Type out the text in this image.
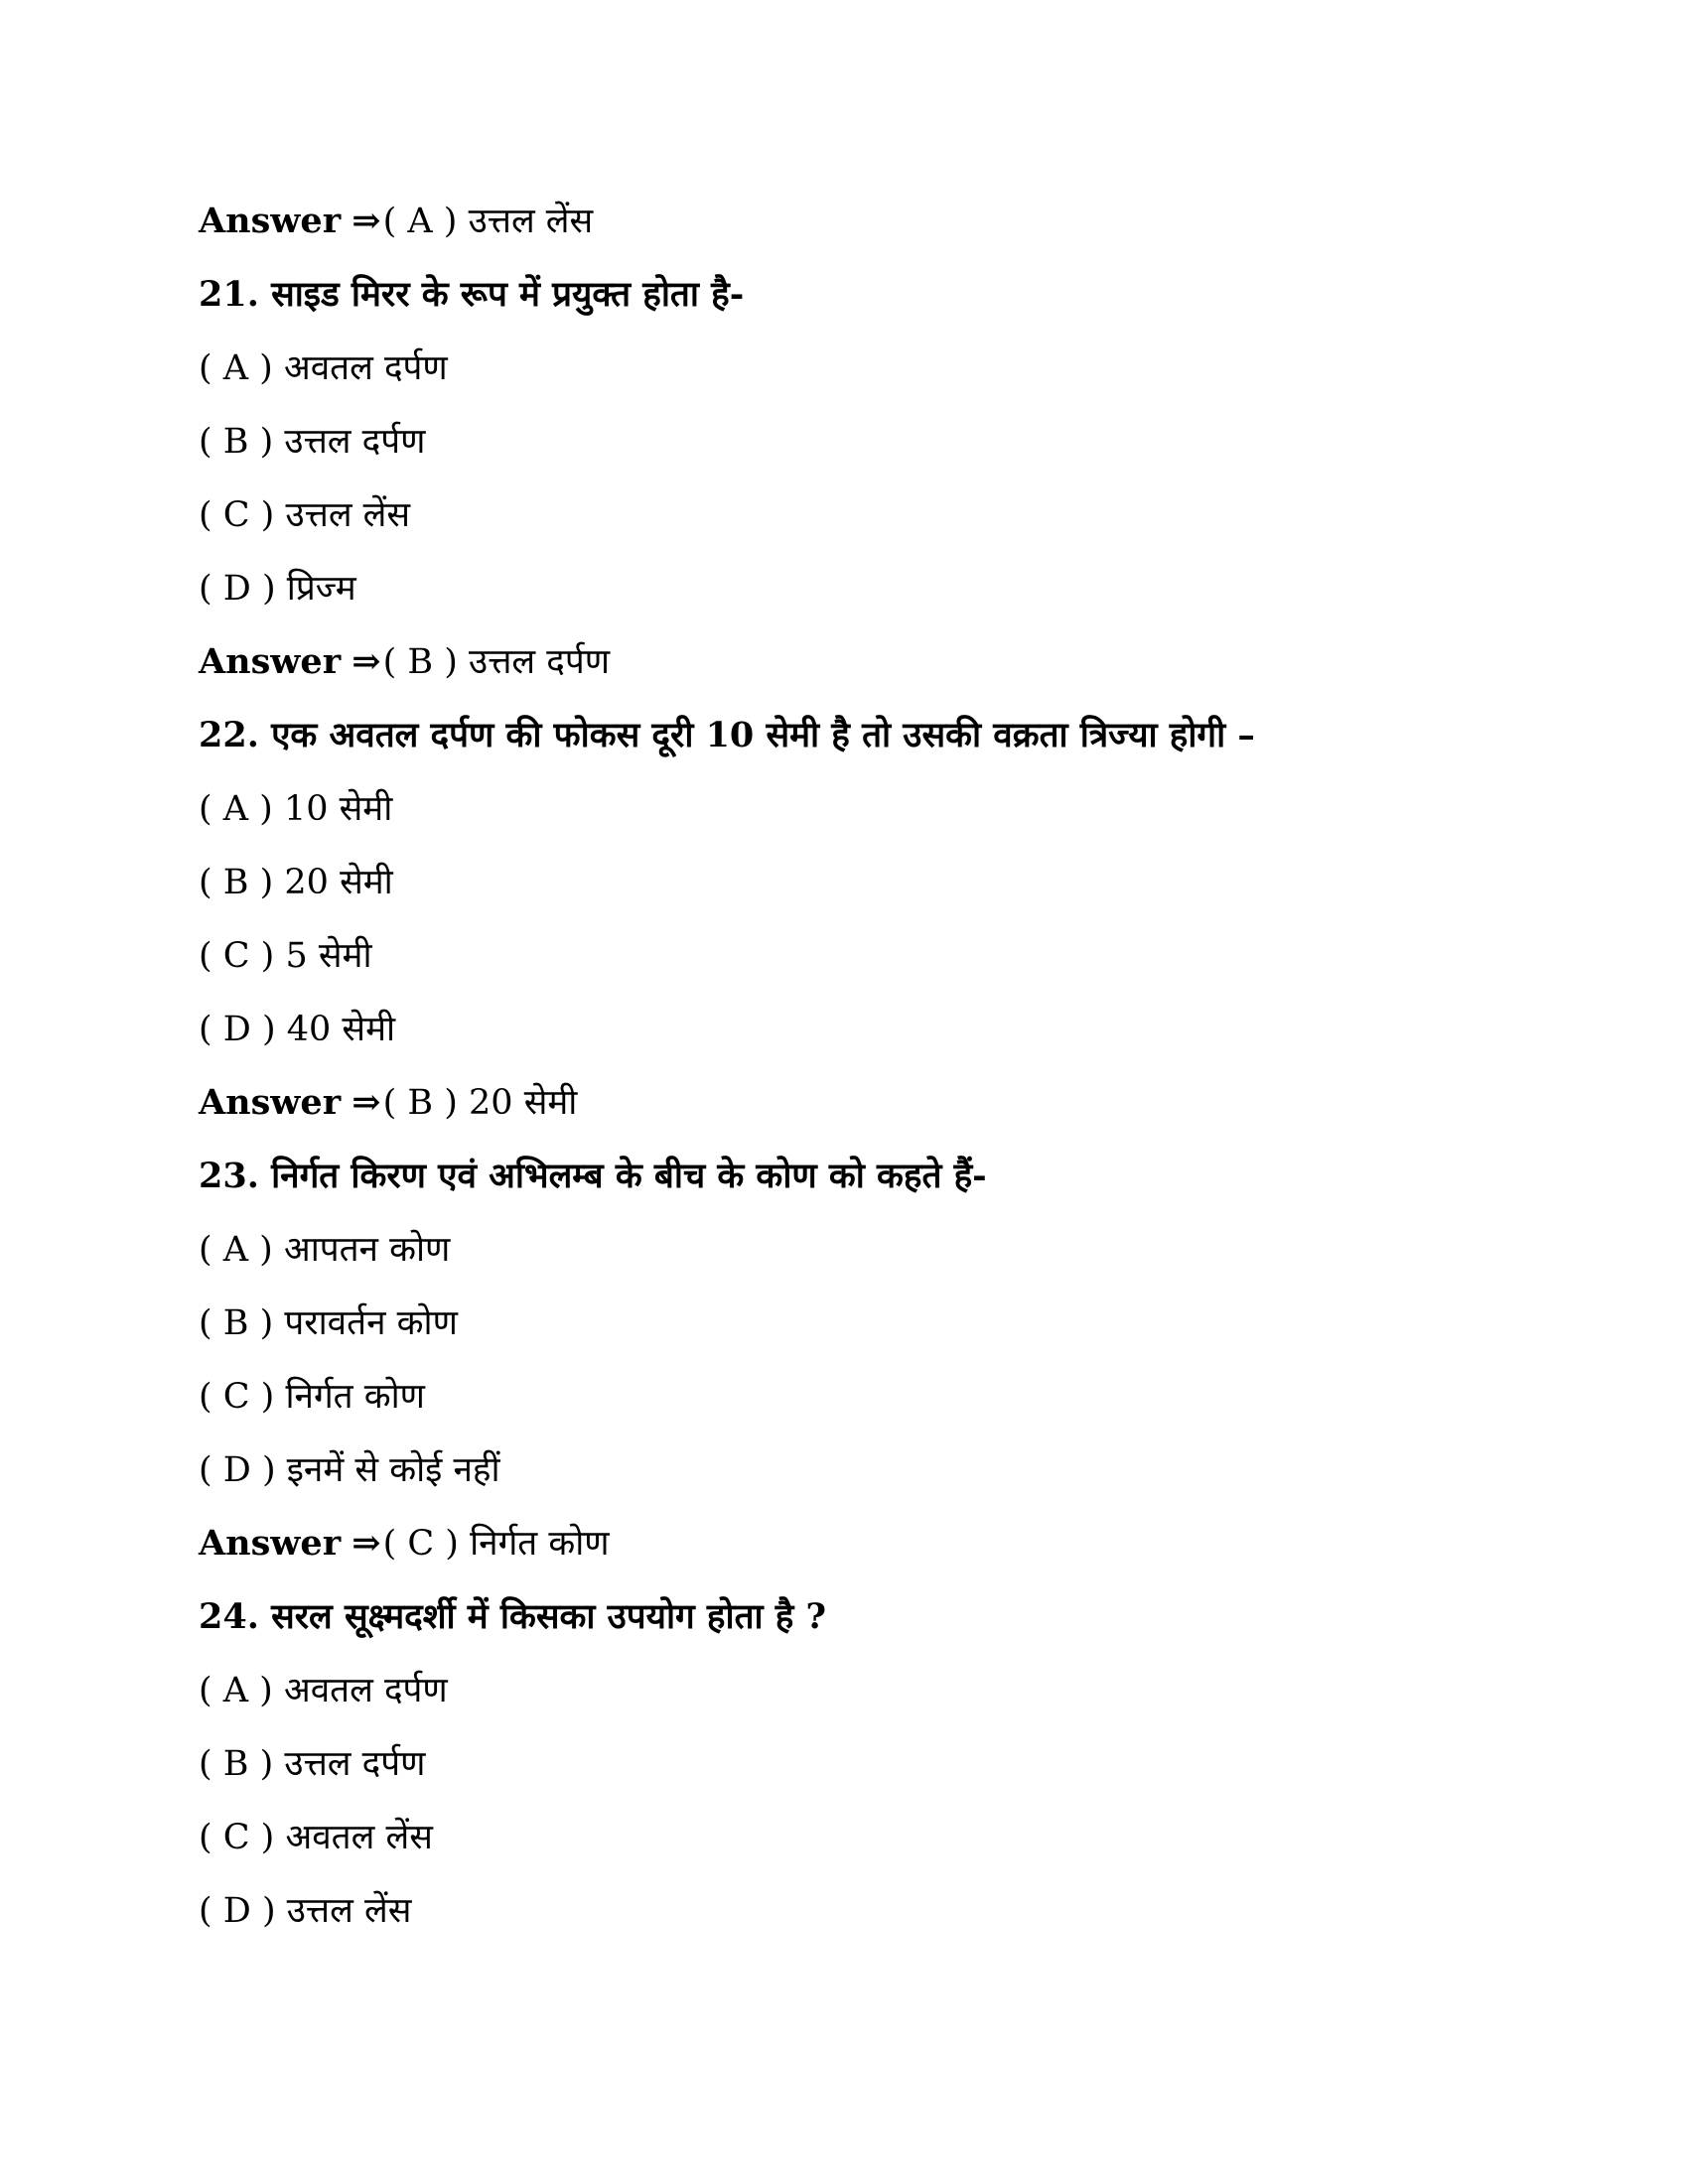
Answer ⇒( A ) उत्तल लेंस
21. साइड मिरर के रूप में प्रयुक्त होता है-
( A ) अवतल दर्पण
( B ) उत्तल दर्पण
( C ) उत्तल लेंस
( D ) प्रिज्म
Answer ⇒( B ) उत्तल दर्पण
22. एक अवतल दर्पण की फोकस दूरी 10 सेमी है तो उसकी वक्रता त्रिज्या होगी –
( A ) 10 सेमी
( B ) 20 सेमी
( C ) 5 सेमी
( D ) 40 सेमी
Answer ⇒( B ) 20 सेमी
23. निर्गत किरण एवं अभिलम्ब के बीच के कोण को कहते हैं-
( A ) आपतन कोण
( B ) परावर्तन कोण
( C ) निर्गत कोण
( D ) इनमें से कोई नहीं
Answer ⇒( C ) निर्गत कोण
24. सरल सूक्ष्मदर्शी में किसका उपयोग होता है ?
( A ) अवतल दर्पण
( B ) उत्तल दर्पण
( C ) अवतल लेंस
( D ) उत्तल लेंस
